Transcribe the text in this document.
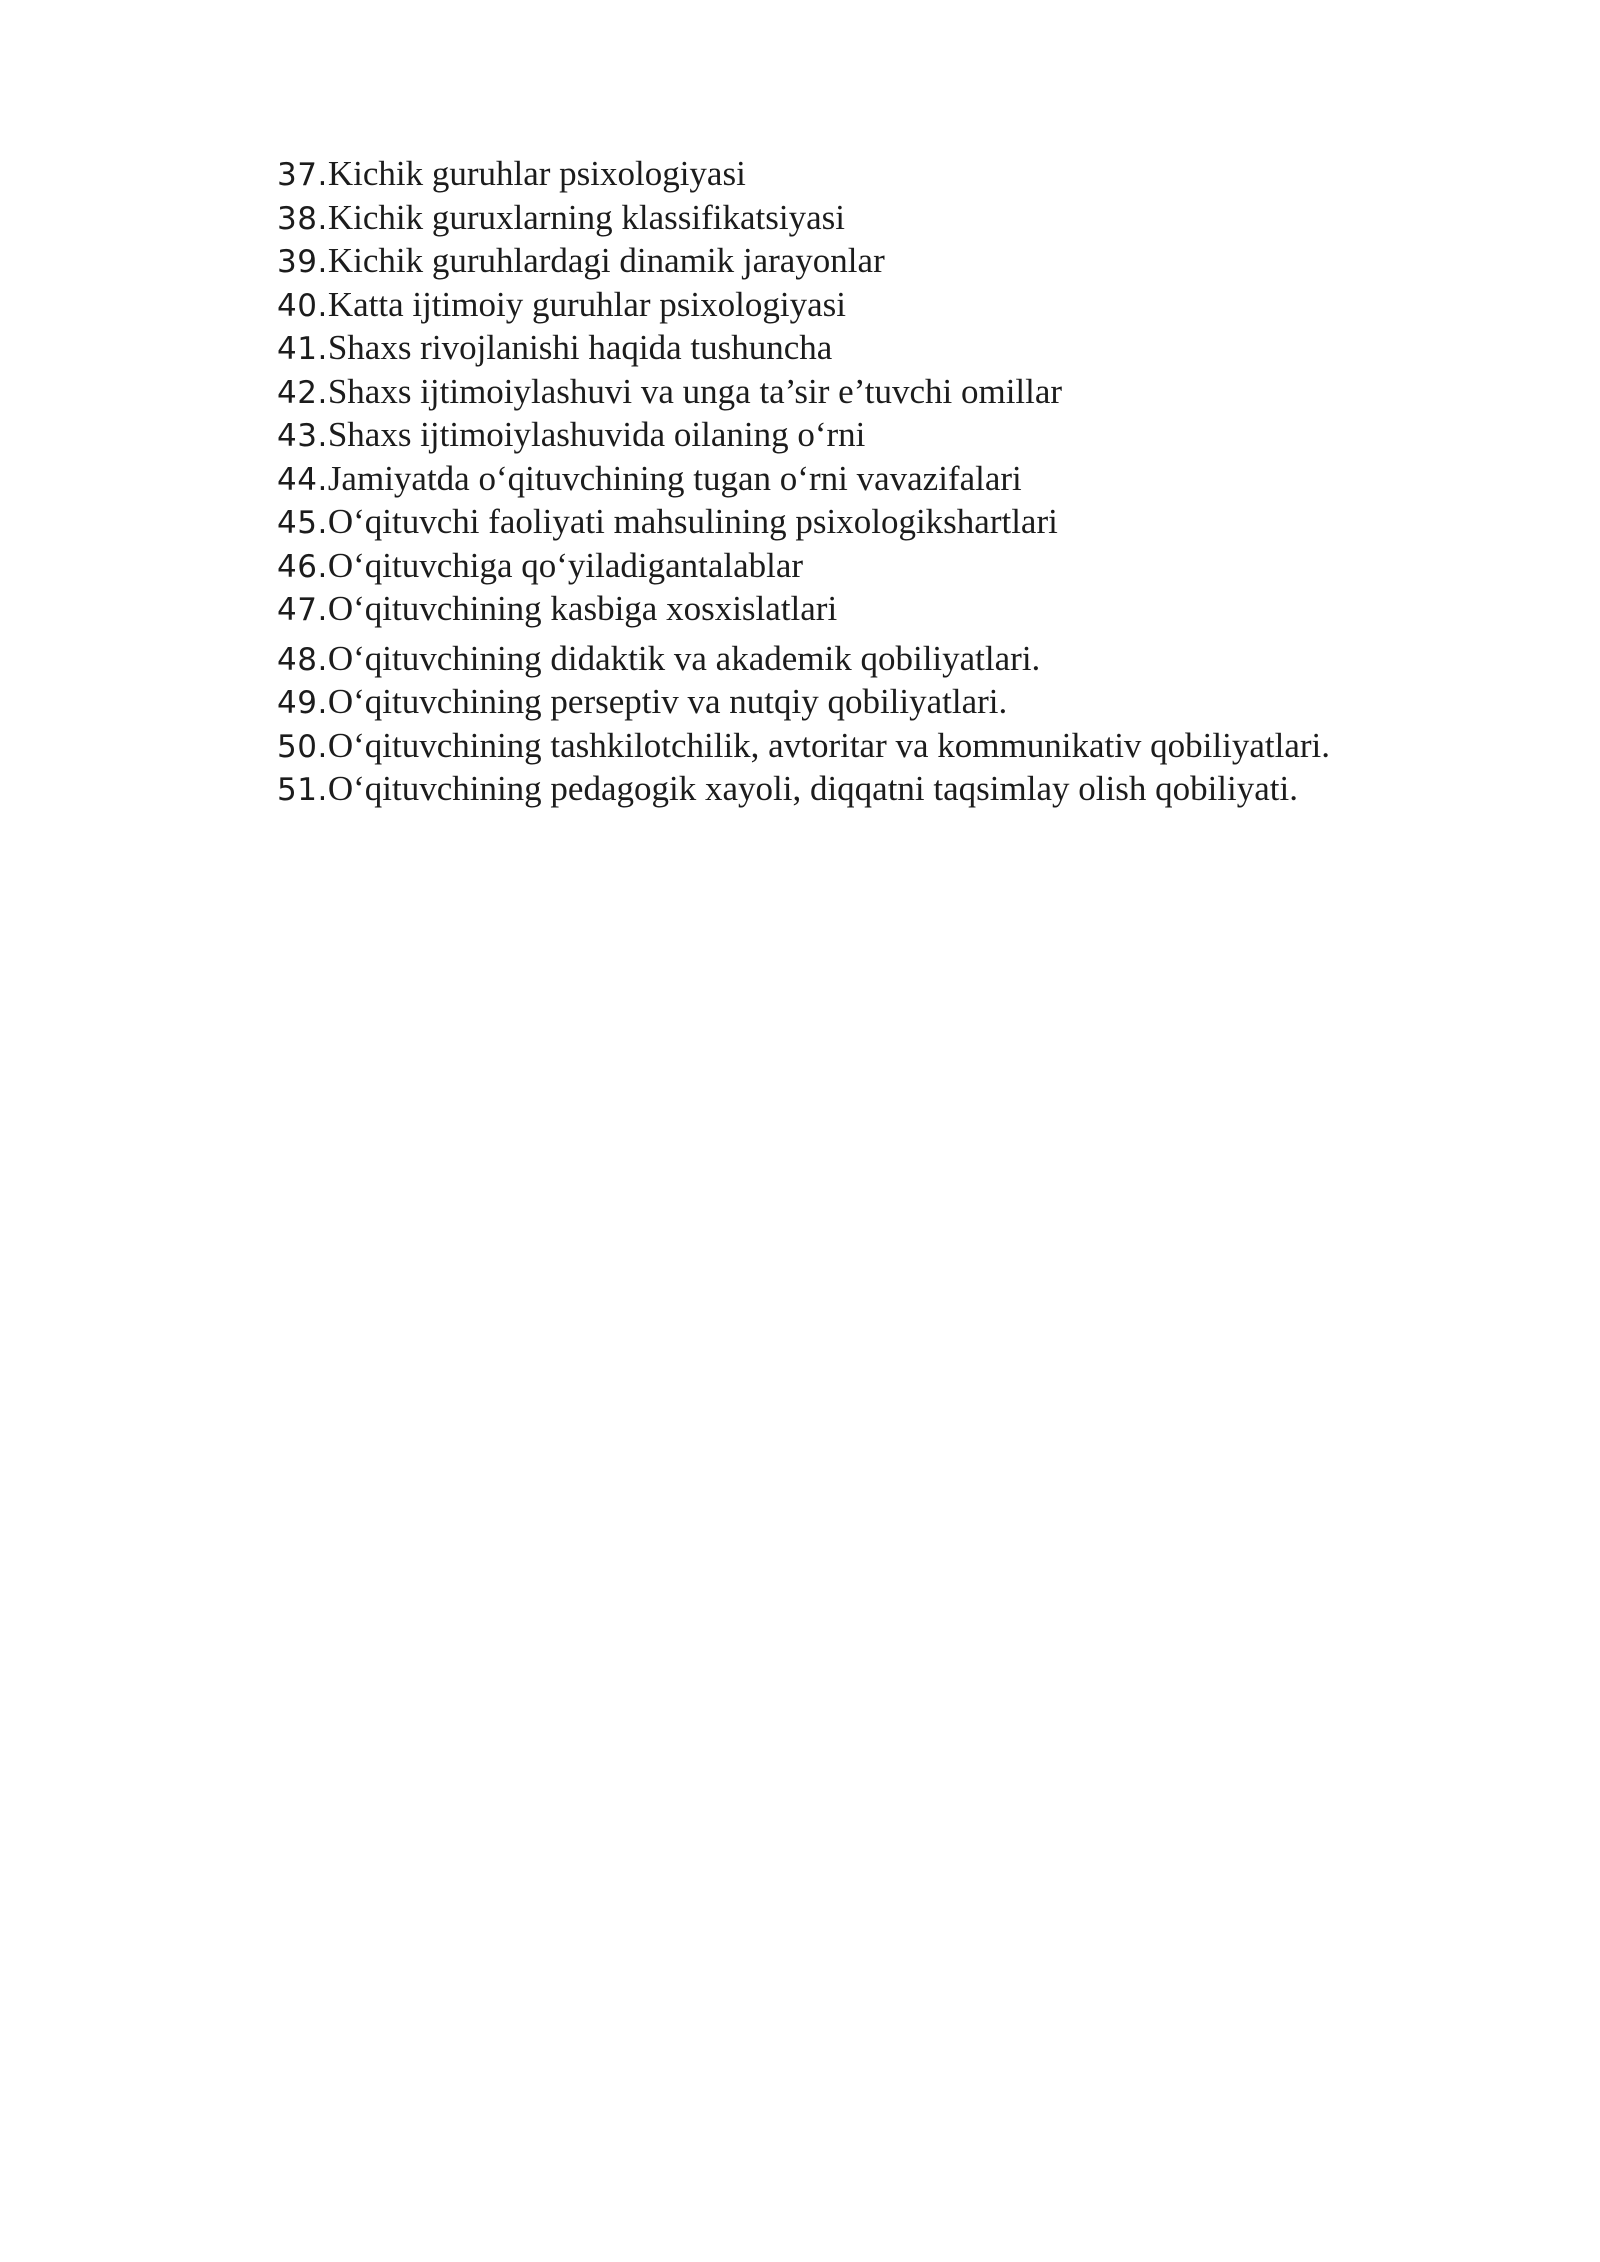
37. Kichik guruhlar psixologiyasi
38. Kichik guruxlarning klassifikatsiyasi
39. Kichik guruhlardagi dinamik jarayonlar
40. Katta ijtimoiy guruhlar psixologiyasi
41. Shaxs rivojlanishi haqida tushuncha
42. Shaxs ijtimoiylashuvi va unga ta’sir e’tuvchi omillar
43. Shaxs ijtimoiylashuvida oilaning o‘rni
44. Jamiyatda o‘qituvchining tugan o‘rni vavazifalari
45. O‘qituvchi faoliyati mahsulining psixologikshartlari
46. O‘qituvchiga qo‘yiladigantalablar
47. O‘qituvchining kasbiga xosxislatlari
48. O‘qituvchining didaktik va akademik qobiliyatlari.
49. O‘qituvchining perseptiv va nutqiy qobiliyatlari.
50. O‘qituvchining tashkilotchilik, avtoritar va kommunikativ qobiliyatlari.
51. O‘qituvchining pedagogik xayoli, diqqatni taqsimlay olish qobiliyati.
